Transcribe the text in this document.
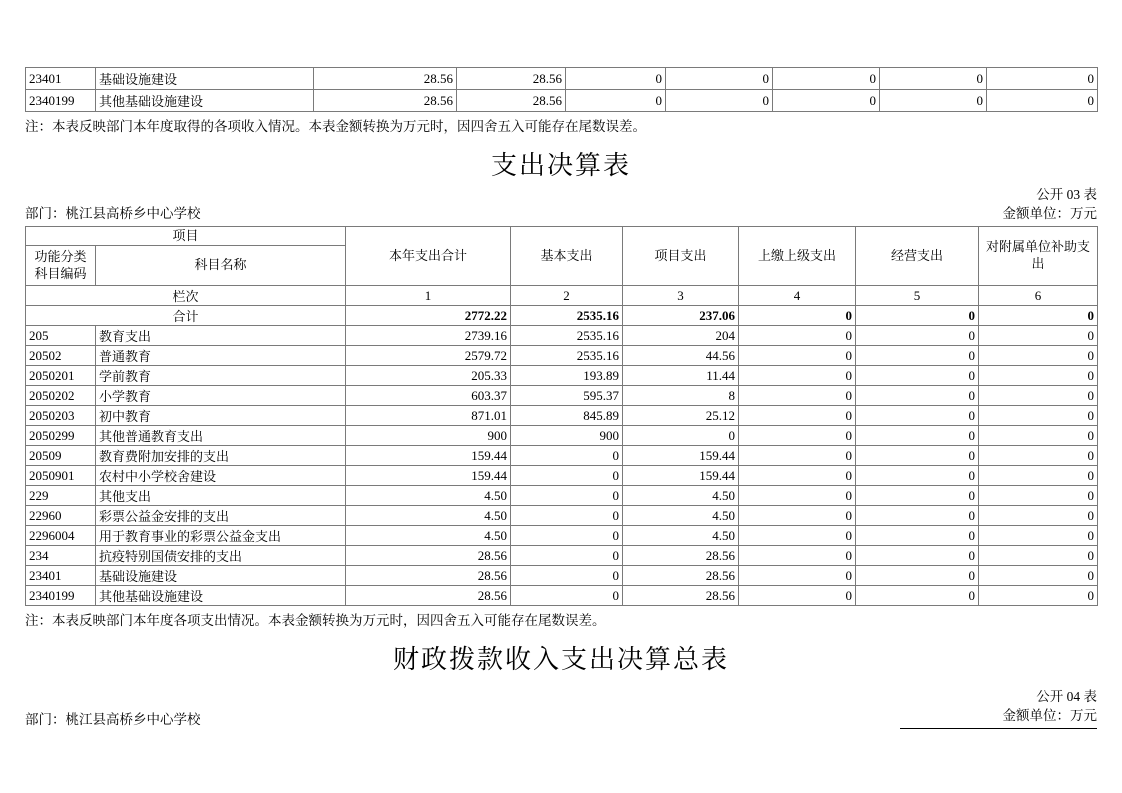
23401	基础设施建设	28.56	28.56	0	0	0	0	0
2340199	其他基础设施建设	28.56	28.56	0	0	0	0	0
注：本表反映部门本年度取得的各项收入情况。本表金额转换为万元时，因四舍五入可能存在尾数误差。
支出决算表
公开 03 表
部门：桃江县高桥乡中心学校	金额单位：万元
项目		本年支出合计	基本支出	项目支出	上缴上级支出	经营支出	对附属单位补助支出
功能分类科目编码	科目名称						
栏次		1	2	3	4	5	6
合计		2772.22	2535.16	237.06	0	0	0
205	教育支出	2739.16	2535.16	204	0	0	0
20502	普通教育	2579.72	2535.16	44.56	0	0	0
2050201	学前教育	205.33	193.89	11.44	0	0	0
2050202	小学教育	603.37	595.37	8	0	0	0
2050203	初中教育	871.01	845.89	25.12	0	0	0
2050299	其他普通教育支出	900	900	0	0	0	0
20509	教育费附加安排的支出	159.44	0	159.44	0	0	0
2050901	农村中小学校舍建设	159.44	0	159.44	0	0	0
229	其他支出	4.50	0	4.50	0	0	0
22960	彩票公益金安排的支出	4.50	0	4.50	0	0	0
2296004	用于教育事业的彩票公益金支出	4.50	0	4.50	0	0	0
234	抗疫特别国债安排的支出	28.56	0	28.56	0	0	0
23401	基础设施建设	28.56	0	28.56	0	0	0
2340199	其他基础设施建设	28.56	0	28.56	0	0	0
注：本表反映部门本年度各项支出情况。本表金额转换为万元时，因四舍五入可能存在尾数误差。
财政拨款收入支出决算总表
公开 04 表
部门：桃江县高桥乡中心学校	金额单位：万元
